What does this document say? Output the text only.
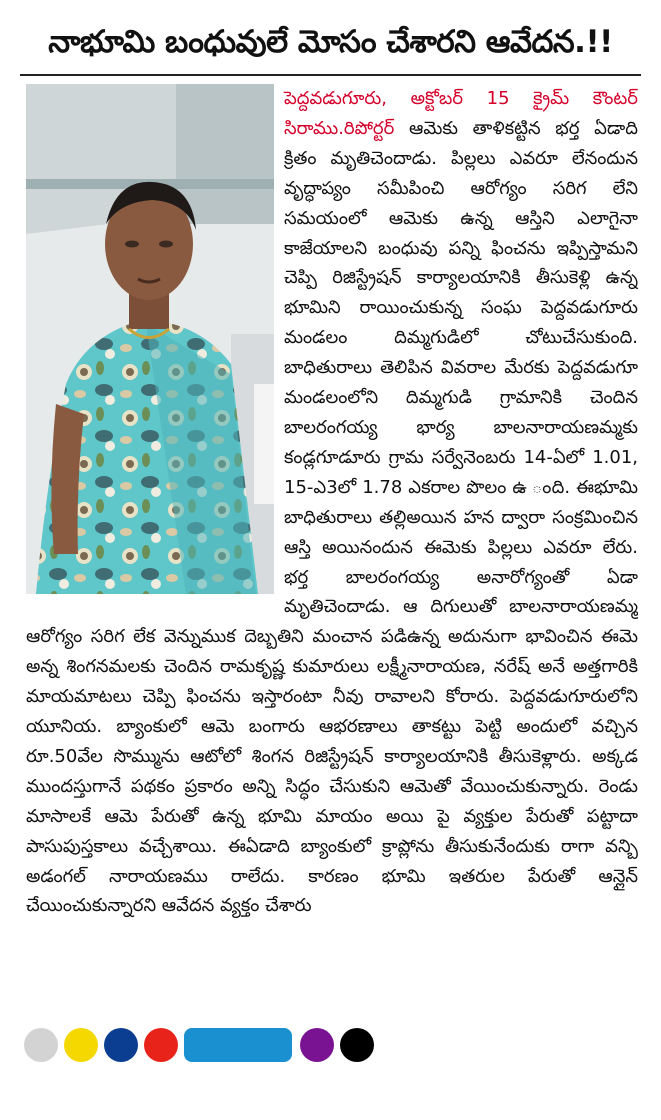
నాభూమి బంధువులే మోసం చేశారని ఆవేదన.!!

పెద్దవడుగూరు, అక్టోబర్ 15 క్రైమ్ కౌంటర్ సిరాము.రిపోర్టర్ ఆమెకు తాళికట్టిన భర్త ఏడాది క్రితం మృతిచెందాడు. పిల్లలు ఎవరూ లేనందున వృద్ధాప్యం సమీపించి ఆరోగ్యం సరిగ లేని సమయంలో ఆమెకు ఉన్న ఆస్తిని ఎలాగైనా కాజేయాలని బంధువు పన్ని ఫించను ఇప్పిస్తామని చెప్పి రిజిస్ట్రేషన్ కార్యాలయానికి తీసుకెళ్లి ఉన్న భూమిని రాయించుకున్న సంఘ పెద్దవడుగూరు మండలం దిమ్మగుడిలో చోటుచేసుకుంది. బాధితురాలు తెలిపిన వివరాల మేరకు పెద్దవడుగూ మండలంలోని దిమ్మగుడి గ్రామానికి చెందిన బాలరంగయ్య భార్య బాలనారాయణమ్మకు కండ్లగూడూరు గ్రామ సర్వేనెంబరు 14-ఏలో 1.01, 15-ఎ3లో 1.78 ఎకరాల పొలం ఉ ంది. ఈభూమి బాధితురాలు తల్లిఅయిన హన ద్వారా సంక్రమించిన ఆస్తి అయినందున ఈమెకు పిల్లలు ఎవరూ లేరు. భర్త బాలరంగయ్య అనారోగ్యంతో ఏడా మృతిచెందాడు. ఆ దిగులుతో బాలనారాయణమ్మ ఆరోగ్యం సరిగ లేక వెన్నుముక దెబ్బతిని మంచాన పడిఉన్న అదునుగా భావించిన ఈమె అన్న శింగనమలకు చెందిన రామకృష్ణ కుమారులు లక్ష్మీనారాయణ, నరేష్ అనే అత్తగారికి మాయమాటలు చెప్పి ఫించను ఇస్తారంటా నీవు రావాలని కోరారు. పెద్దవడుగూరులోని యూనియ. బ్యాంకులో ఆమె బంగారు ఆభరణాలు తాకట్టు పెట్టి అందులో వచ్చిన రూ.50వేల సొమ్మును ఆటోలో శింగన రిజిస్ట్రేషన్ కార్యాలయానికి తీసుకెళ్లారు. అక్కడ ముందస్తుగానే పథకం ప్రకారం అన్ని సిద్ధం చేసుకుని ఆమెతో వేయించుకున్నారు. రెండు మాసాలకే ఆమె పేరుతో ఉన్న భూమి మాయం అయి పై వ్యక్తుల పేరుతో పట్టాదా పాసుపుస్తకాలు వచ్చేశాయి. ఈఏడాది బ్యాంకులో క్రాప్లోను తీసుకునేందుకు రాగా వన్బి అడంగల్ నారాయణము రాలేదు. కారణం భూమి ఇతరుల పేరుతో ఆన్లైన్ చేయించుకున్నారని ఆవేదన వ్యక్తం చేశారు
